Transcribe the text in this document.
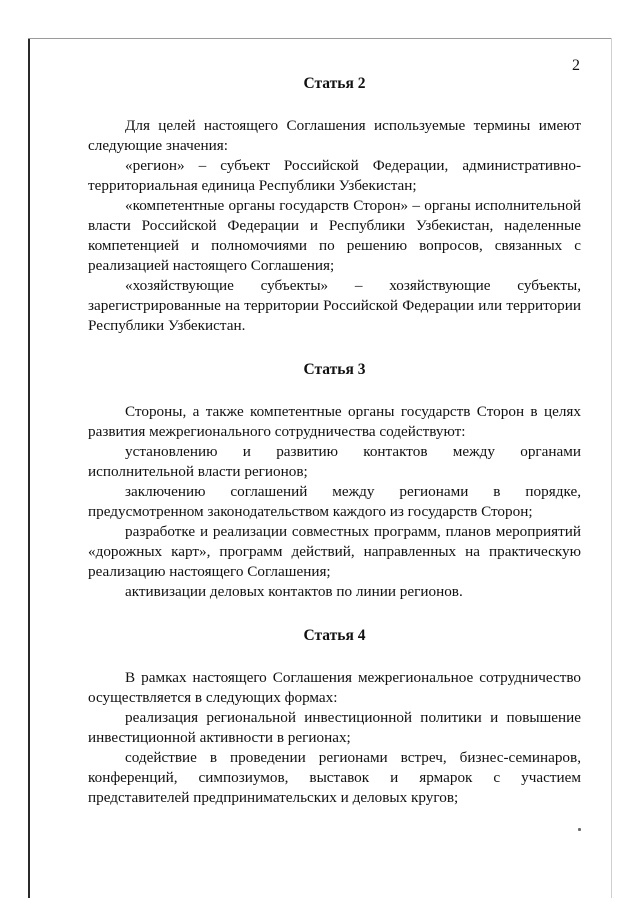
2
Статья 2

Для целей настоящего Соглашения используемые термины имеют следующие значения:

«регион» – субъект Российской Федерации, административно-территориальная единица Республики Узбекистан;

«компетентные органы государств Сторон» – органы исполнительной власти Российской Федерации и Республики Узбекистан, наделенные компетенцией и полномочиями по решению вопросов, связанных с реализацией настоящего Соглашения;

«хозяйствующие субъекты» – хозяйствующие субъекты, зарегистрированные на территории Российской Федерации или территории Республики Узбекистан.

Статья 3

Стороны, а также компетентные органы государств Сторон в целях развития межрегионального сотрудничества содействуют:

установлению и развитию контактов между органами исполнительной власти регионов;

заключению соглашений между регионами в порядке, предусмотренном законодательством каждого из государств Сторон;

разработке и реализации совместных программ, планов мероприятий «дорожных карт», программ действий, направленных на практическую реализацию настоящего Соглашения;

активизации деловых контактов по линии регионов.

Статья 4

В рамках настоящего Соглашения межрегиональное сотрудничество осуществляется в следующих формах:

реализация региональной инвестиционной политики и повышение инвестиционной активности в регионах;

содействие в проведении регионами встреч, бизнес-семинаров, конференций, симпозиумов, выставок и ярмарок с участием представителей предпринимательских и деловых кругов;
